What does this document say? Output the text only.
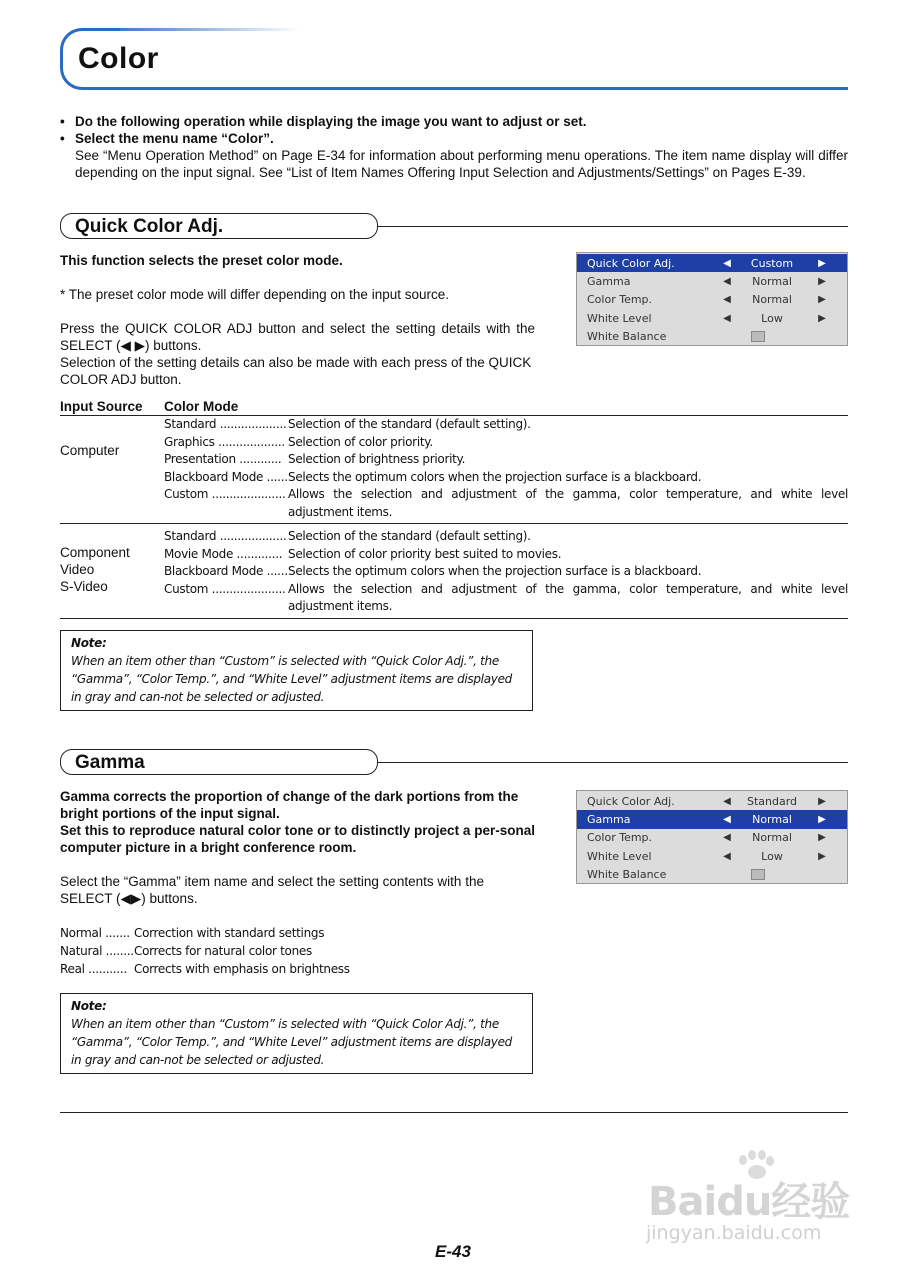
Color
• Do the following operation while displaying the image you want to adjust or set.
• Select the menu name “Color”.
See “Menu Operation Method” on Page E-34 for information about performing menu operations. The item name display will differ depending on the input signal. See “List of Item Names Offering Input Selection and Adjustments/Settings” on Pages E-39.
Quick Color Adj.
This function selects the preset color mode.
* The preset color mode will differ depending on the input source.
Press the QUICK COLOR ADJ button and select the setting details with the SELECT (◀ ▶) buttons.
Selection of the setting details can also be made with each press of the QUICK COLOR ADJ button.
Quick Color Adj.	◀	Custom	▶
Gamma	◀	Normal	▶
Color Temp.	◀	Normal	▶
White Level	◀	Low	▶
White Balance
Input Source Color Mode
Computer
Standard ................... Selection of the standard (default setting).
Graphics ................... Selection of color priority.
Presentation ............ Selection of brightness priority.
Blackboard Mode ...... Selects the optimum colors when the projection surface is a blackboard.
Custom ..................... Allows the selection and adjustment of the gamma, color temperature, and white level adjustment items.
Component
Video
S-Video
Standard ................... Selection of the standard (default setting).
Movie Mode ............. Selection of color priority best suited to movies.
Blackboard Mode ...... Selects the optimum colors when the projection surface is a blackboard.
Custom ..................... Allows the selection and adjustment of the gamma, color temperature, and white level adjustment items.
Note:
When an item other than “Custom” is selected with “Quick Color Adj.”, the “Gamma”, “Color Temp.”, and “White Level” adjustment items are displayed in gray and can-not be selected or adjusted.
Gamma
Gamma corrects the proportion of change of the dark portions from the bright portions of the input signal.
Set this to reproduce natural color tone or to distinctly project a per-sonal computer picture in a bright conference room.
Select the “Gamma” item name and select the setting contents with the SELECT (◀▶) buttons.
Quick Color Adj.	◀	Standard	▶
Gamma	◀	Normal	▶
Color Temp.	◀	Normal	▶
White Level	◀	Low	▶
White Balance
Normal ....... Correction with standard settings
Natural ........ Corrects for natural color tones
Real ........... Corrects with emphasis on brightness
Note:
When an item other than “Custom” is selected with “Quick Color Adj.”, the “Gamma”, “Color Temp.”, and “White Level” adjustment items are displayed in gray and can-not be selected or adjusted.
Baidu经验
jingyan.baidu.com
E-43
